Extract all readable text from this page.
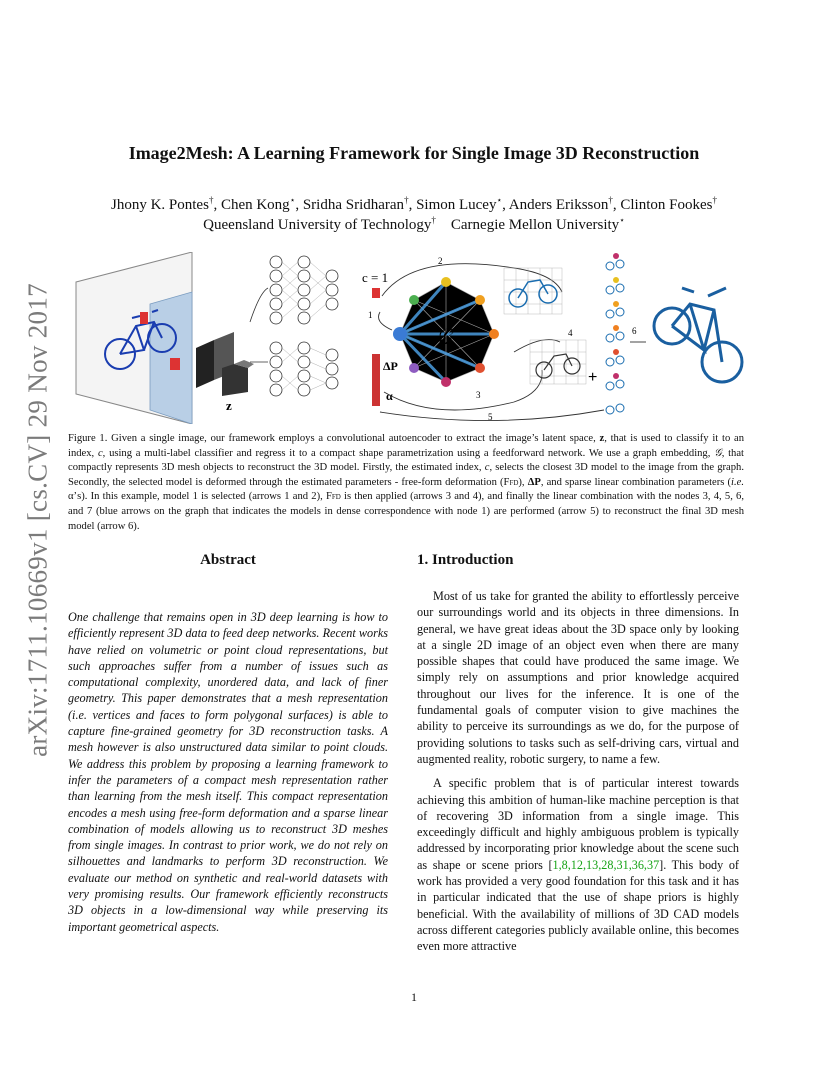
arXiv:1711.10669v1 [cs.CV] 29 Nov 2017
Image2Mesh: A Learning Framework for Single Image 3D Reconstruction
Jhony K. Pontes†, Chen Kong⋆, Sridha Sridharan†, Simon Lucey⋆, Anders Eriksson†, Clinton Fookes†
Queensland University of Technology† Carnegie Mellon University⋆
c = 1
ΔP
α
z
𝒢
2
1
3
4
5
6
+

Figure 1. Given a single image, our framework employs a convolutional autoencoder to extract the image’s latent space, z, that is used to classify it to an index, c, using a multi-label classifier and regress it to a compact shape parametrization using a feedforward network. We use a graph embedding, 𝒢, that compactly represents 3D mesh objects to reconstruct the 3D model. Firstly, the estimated index, c, selects the closest 3D model to the image from the graph. Secondly, the selected model is deformed through the estimated parameters - free-form deformation (Ffd), ΔP, and sparse linear combination parameters (i.e. α’s). In this example, model 1 is selected (arrows 1 and 2), Ffd is then applied (arrows 3 and 4), and finally the linear combination with the nodes 3, 4, 5, 6, and 7 (blue arrows on the graph that indicates the models in dense correspondence with node 1) are performed (arrow 5) to reconstruct the final 3D mesh model (arrow 6).

Abstract	1. Introduction

One challenge that remains open in 3D deep learning is how to efficiently represent 3D data to feed deep networks. Recent works have relied on volumetric or point cloud representations, but such approaches suffer from a number of issues such as computational complexity, unordered data, and lack of finer geometry. This paper demonstrates that a mesh representation (i.e. vertices and faces to form polygonal surfaces) is able to capture fine-grained geometry for 3D reconstruction tasks. A mesh however is also unstructured data similar to point clouds. We address this problem by proposing a learning framework to infer the parameters of a compact mesh representation rather than learning from the mesh itself. This compact representation encodes a mesh using free-form deformation and a sparse linear combination of models allowing us to reconstruct 3D meshes from single images. In contrast to prior work, we do not rely on silhouettes and landmarks to perform 3D reconstruction. We evaluate our method on synthetic and real-world datasets with very promising results. Our framework efficiently reconstructs 3D objects in a low-dimensional way while preserving its important geometrical aspects.

Most of us take for granted the ability to effortlessly perceive our surroundings world and its objects in three dimensions. In general, we have great ideas about the 3D space only by looking at a single 2D image of an object even when there are many possible shapes that could have produced the same image. We simply rely on assumptions and prior knowledge acquired throughout our lives for the inference. It is one of the fundamental goals of computer vision to give machines the ability to perceive its surroundings as we do, for the purpose of providing solutions to tasks such as self-driving cars, virtual and augmented reality, robotic surgery, to name a few.

A specific problem that is of particular interest towards achieving this ambition of human-like machine perception is that of recovering 3D information from a single image. This exceedingly difficult and highly ambiguous problem is typically addressed by incorporating prior knowledge about the scene such as shape or scene priors [1,8,12,13,28,31,36,37]. This body of work has provided a very good foundation for this task and it has in particular indicated that the use of shape priors is highly beneficial. With the availability of millions of 3D CAD models across different categories publicly available online, this becomes even more attractive

1
